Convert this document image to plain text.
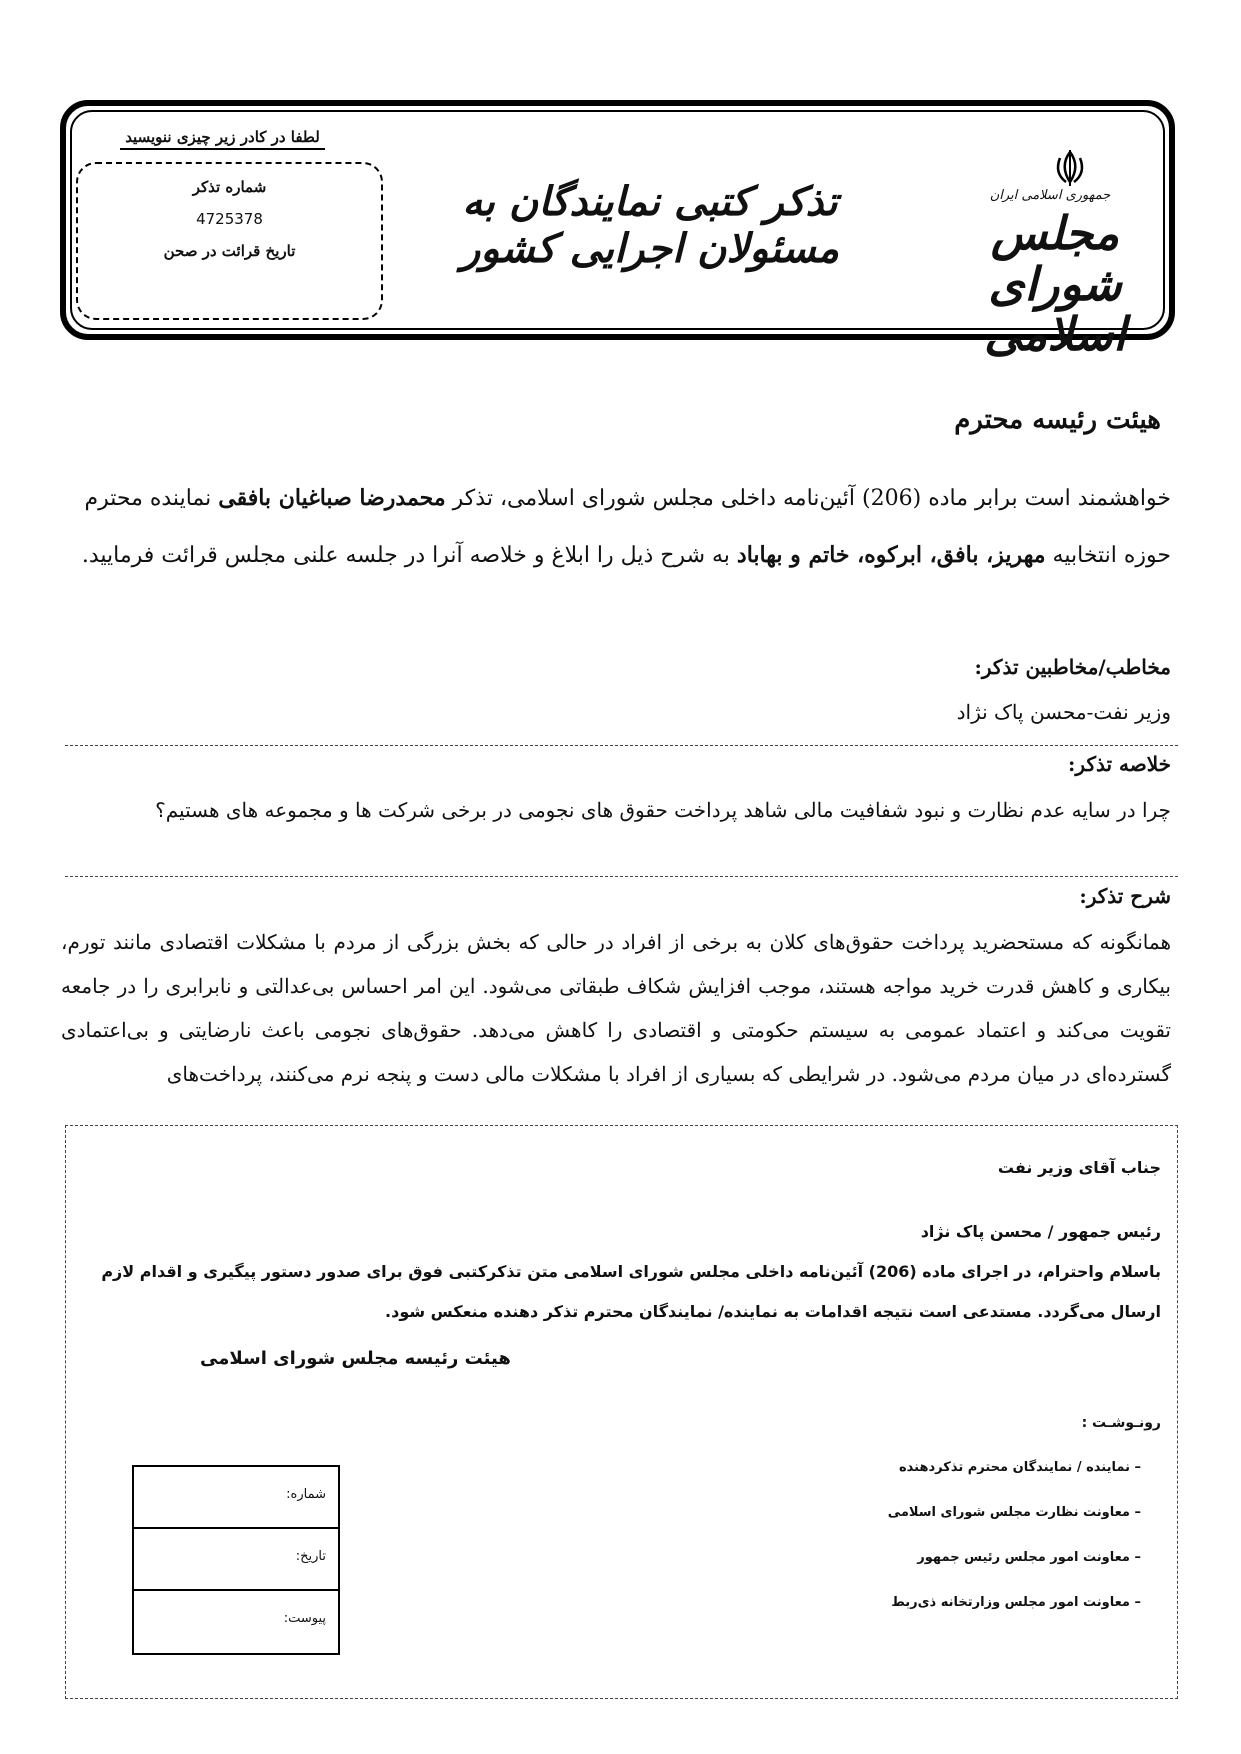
لطفا در کادر زیر چیزی ننویسید
شماره تذکر
4725378
تاریخ قرائت در صحن
تذکر کتبی نمایندگان به مسئولان اجرایی کشور
جمهوری اسلامی ایران
مجلس شورای اسلامی
هیئت رئیسه محترم
خواهشمند است برابر ماده (206) آئین‌نامه داخلی مجلس شورای اسلامی، تذکر محمدرضا صباغیان بافقی نماینده محترم حوزه انتخابیه مهریز، بافق، ابرکوه، خاتم و بهاباد به شرح ذیل را ابلاغ و خلاصه آنرا در جلسه علنی مجلس قرائت فرمایید.
مخاطب/مخاطبین تذکر:
وزیر نفت-محسن پاک نژاد
خلاصه تذکر:
چرا در سایه عدم نظارت و نبود شفافیت مالی شاهد پرداخت حقوق های نجومی در برخی شرکت ها و مجموعه های هستیم؟
شرح تذکر:
همانگونه که مستحضرید پرداخت حقوق‌های کلان به برخی از افراد در حالی که بخش بزرگی از مردم با مشکلات اقتصادی مانند تورم، بیکاری و کاهش قدرت خرید مواجه هستند، موجب افزایش شکاف طبقاتی می‌شود. این امر احساس بی‌عدالتی و نابرابری را در جامعه تقویت می‌کند و اعتماد عمومی به سیستم حکومتی و اقتصادی را کاهش می‌دهد. حقوق‌های نجومی باعث نارضایتی و بی‌اعتمادی گسترده‌ای در میان مردم می‌شود. در شرایطی که بسیاری از افراد با مشکلات مالی دست و پنجه نرم می‌کنند، پرداخت‌های
جناب آقای وزیر نفت
رئیس جمهور / محسن پاک نژاد
باسلام واحترام، در اجرای ماده (206) آئین‌نامه داخلی مجلس شورای اسلامی متن تذکرکتبی فوق برای صدور دستور پیگیری و اقدام لازم
ارسال می‌گردد. مستدعی است نتیجه اقدامات به نماینده/ نمایندگان محترم تذکر دهنده منعکس شود.
هیئت رئیسه مجلس شورای اسلامی
رونـوشـت :
– نماینده / نمایندگان محترم تذکردهنده
– معاونت نظارت مجلس شورای اسلامی
– معاونت امور مجلس رئیس جمهور
– معاونت امور مجلس وزارتخانه ذی‌ربط
شماره:
تاریخ:
پیوست:
